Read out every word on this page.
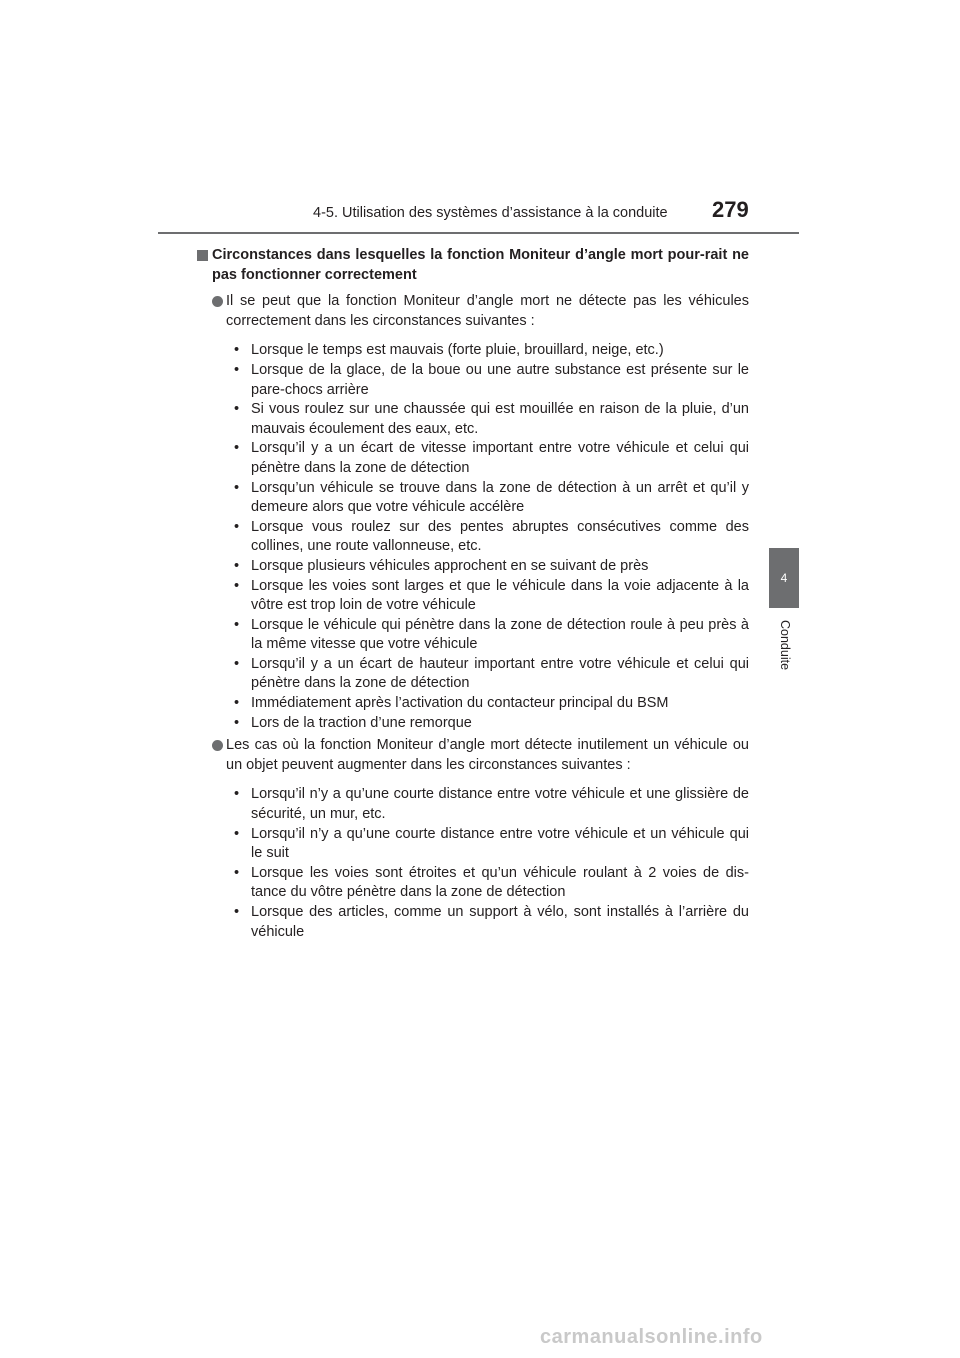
4-5. Utilisation des systèmes d’assistance à la conduite 279
4
Conduite
Circonstances dans lesquelles la fonction Moniteur d’angle mort pour-rait ne pas fonctionner correctement
Il se peut que la fonction Moniteur d’angle mort ne détecte pas les véhicules correctement dans les circonstances suivantes :
• Lorsque le temps est mauvais (forte pluie, brouillard, neige, etc.)
• Lorsque de la glace, de la boue ou une autre substance est présente sur le pare-chocs arrière
• Si vous roulez sur une chaussée qui est mouillée en raison de la pluie, d’un mauvais écoulement des eaux, etc.
• Lorsqu’il y a un écart de vitesse important entre votre véhicule et celui qui pénètre dans la zone de détection
• Lorsqu’un véhicule se trouve dans la zone de détection à un arrêt et qu’il y demeure alors que votre véhicule accélère
• Lorsque vous roulez sur des pentes abruptes consécutives comme des collines, une route vallonneuse, etc.
• Lorsque plusieurs véhicules approchent en se suivant de près
• Lorsque les voies sont larges et que le véhicule dans la voie adjacente à la vôtre est trop loin de votre véhicule
• Lorsque le véhicule qui pénètre dans la zone de détection roule à peu près à la même vitesse que votre véhicule
• Lorsqu’il y a un écart de hauteur important entre votre véhicule et celui qui pénètre dans la zone de détection
• Immédiatement après l’activation du contacteur principal du BSM
• Lors de la traction d’une remorque
Les cas où la fonction Moniteur d’angle mort détecte inutilement un véhicule ou un objet peuvent augmenter dans les circonstances suivantes :
• Lorsqu’il n’y a qu’une courte distance entre votre véhicule et une glissière de sécurité, un mur, etc.
• Lorsqu’il n’y a qu’une courte distance entre votre véhicule et un véhicule qui le suit
• Lorsque les voies sont étroites et qu’un véhicule roulant à 2 voies de dis-tance du vôtre pénètre dans la zone de détection
• Lorsque des articles, comme un support à vélo, sont installés à l’arrière du véhicule
carmanualsonline.info
